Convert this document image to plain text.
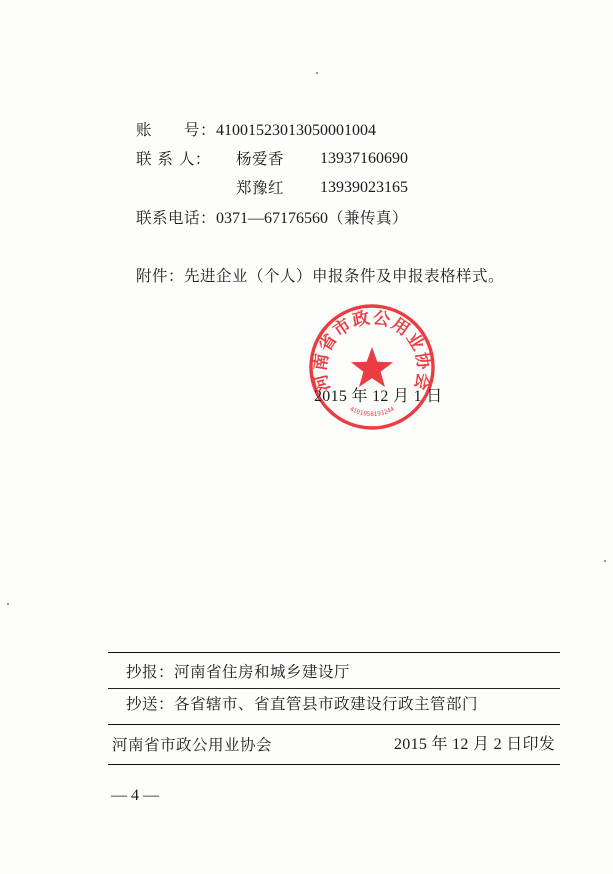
账　　号：41001523013050001004
联 系 人： 杨爱香 13937160690
郑豫红 13939023165
联系电话：0371—67176560（兼传真）
附件：先进企业（个人）申报条件及申报表格样式。
河南省市政公用业协会
4101058193244
2015 年 12 月 1 日
抄报：河南省住房和城乡建设厅
抄送：各省辖市、省直管县市政建设行政主管部门
河南省市政公用业协会	2015 年 12 月 2 日印发
— 4 —
